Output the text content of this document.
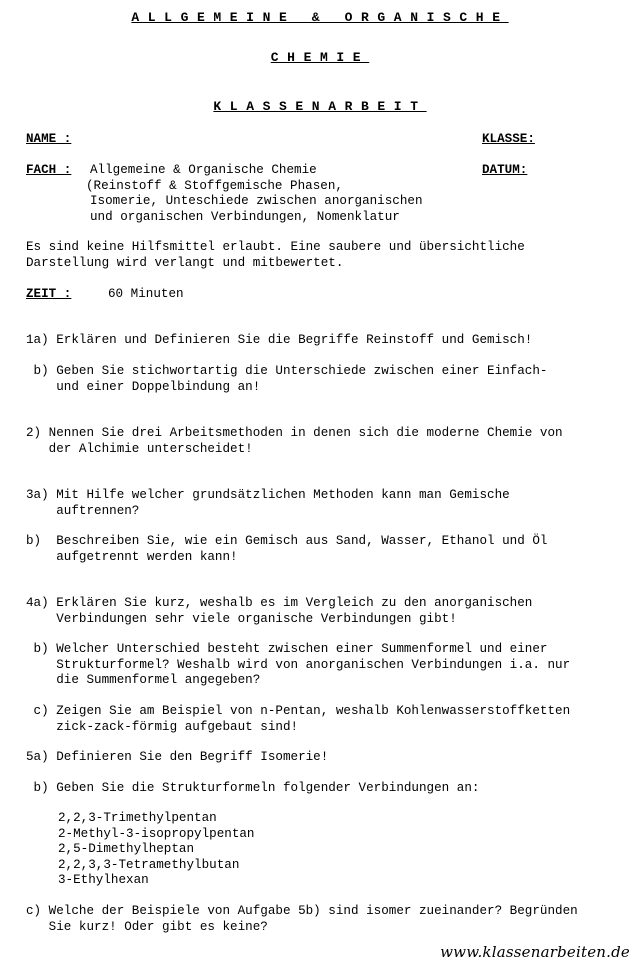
ALLGEMEINE & ORGANISCHE
CHEMIE
KLASSENARBEIT
NAME :	KLASSE:
FACH : Allgemeine & Organische Chemie
(Reinstoff & Stoffgemische Phasen,
Isomerie, Unteschiede zwischen anorganischen
und organischen Verbindungen, Nomenklatur
DATUM:
Es sind keine Hilfsmittel erlaubt. Eine saubere und übersichtliche
Darstellung wird verlangt und mitbewertet.
ZEIT :	60 Minuten
1a) Erklären und Definieren Sie die Begriffe Reinstoff und Gemisch!
b) Geben Sie stichwortartig die Unterschiede zwischen einer Einfach-
und einer Doppelbindung an!
2) Nennen Sie drei Arbeitsmethoden in denen sich die moderne Chemie von
der Alchimie unterscheidet!
3a) Mit Hilfe welcher grundsätzlichen Methoden kann man Gemische
auftrennen?
b)  Beschreiben Sie, wie ein Gemisch aus Sand, Wasser, Ethanol und Öl
aufgetrennt werden kann!
4a) Erklären Sie kurz, weshalb es im Vergleich zu den anorganischen
Verbindungen sehr viele organische Verbindungen gibt!
b) Welcher Unterschied besteht zwischen einer Summenformel und einer
Strukturformel? Weshalb wird von anorganischen Verbindungen i.a. nur
die Summenformel angegeben?
c) Zeigen Sie am Beispiel von n-Pentan, weshalb Kohlenwasserstoffketten
zick-zack-förmig aufgebaut sind!
5a) Definieren Sie den Begriff Isomerie!
b) Geben Sie die Strukturformeln folgender Verbindungen an:
2,2,3-Trimethylpentan
2-Methyl-3-isopropylpentan
2,5-Dimethylheptan
2,2,3,3-Tetramethylbutan
3-Ethylhexan
c) Welche der Beispiele von Aufgabe 5b) sind isomer zueinander? Begründen
Sie kurz! Oder gibt es keine?
www.klassenarbeiten.de
